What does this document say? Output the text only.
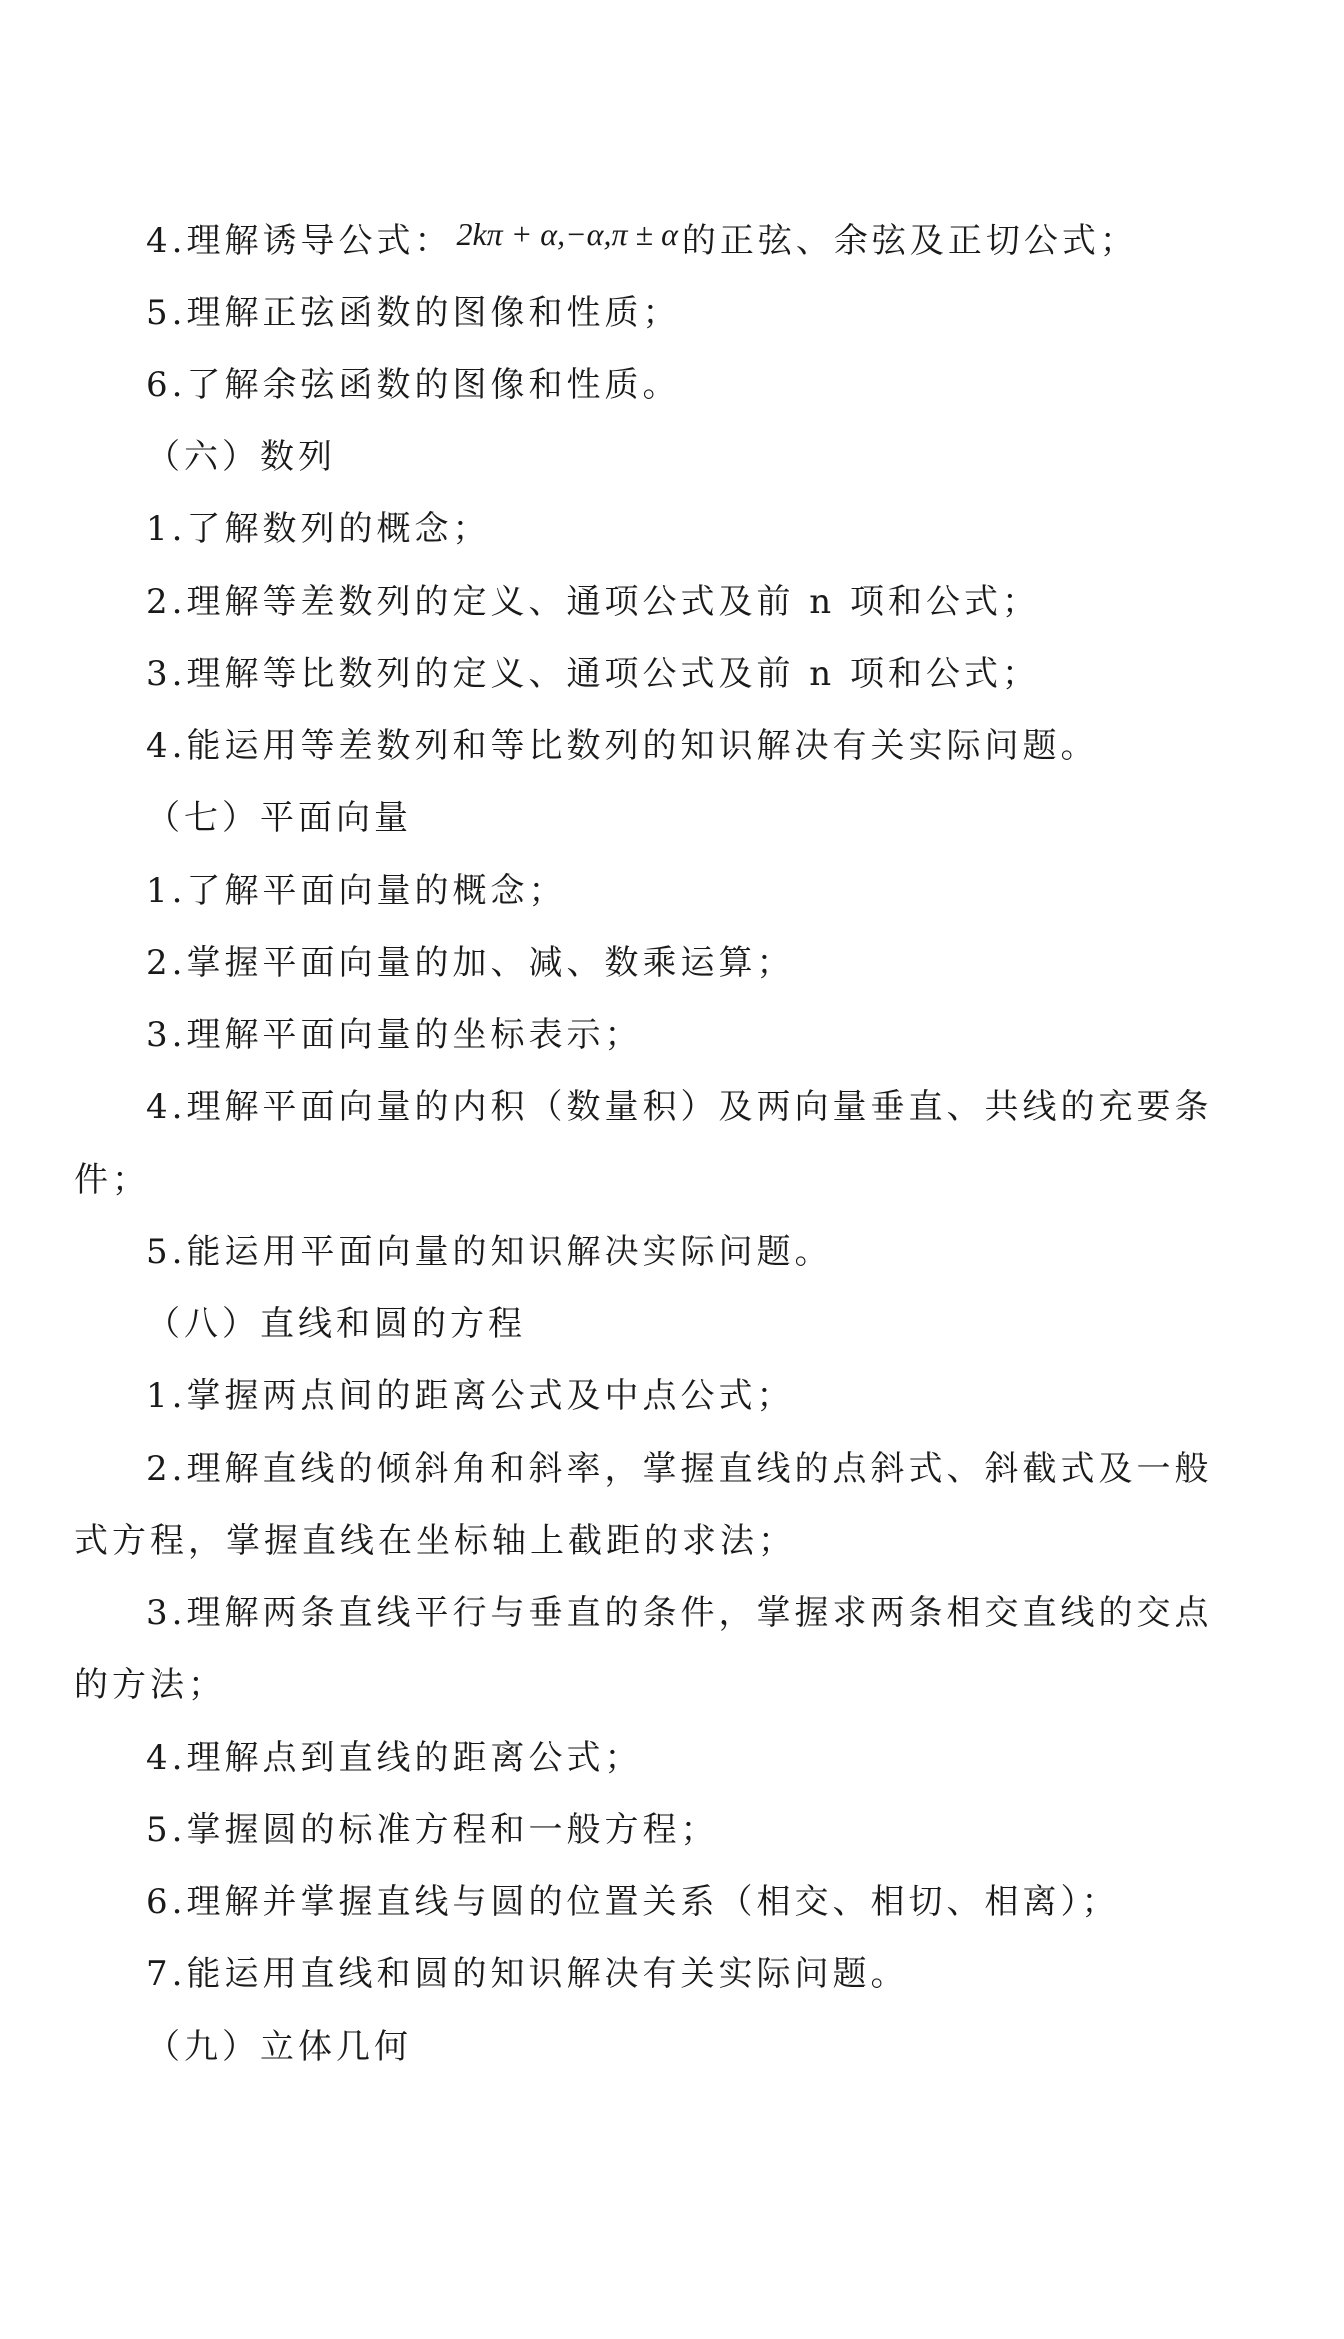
4.理解诱导公式： 2kπ + α,−α,π ± α 的正弦、余弦及正切公式；
5.理解正弦函数的图像和性质；
6.了解余弦函数的图像和性质。
（六）数列
1.了解数列的概念；
2.理解等差数列的定义、通项公式及前 n 项和公式；
3.理解等比数列的定义、通项公式及前 n 项和公式；
4.能运用等差数列和等比数列的知识解决有关实际问题。
（七）平面向量
1.了解平面向量的概念；
2.掌握平面向量的加、减、数乘运算；
3.理解平面向量的坐标表示；
4.理解平面向量的内积（数量积）及两向量垂直、共线的充要条
件；
5.能运用平面向量的知识解决实际问题。
（八）直线和圆的方程
1.掌握两点间的距离公式及中点公式；
2.理解直线的倾斜角和斜率，掌握直线的点斜式、斜截式及一般
式方程，掌握直线在坐标轴上截距的求法；
3.理解两条直线平行与垂直的条件，掌握求两条相交直线的交点
的方法；
4.理解点到直线的距离公式；
5.掌握圆的标准方程和一般方程；
6.理解并掌握直线与圆的位置关系（相交、相切、相离）；
7.能运用直线和圆的知识解决有关实际问题。
（九）立体几何
